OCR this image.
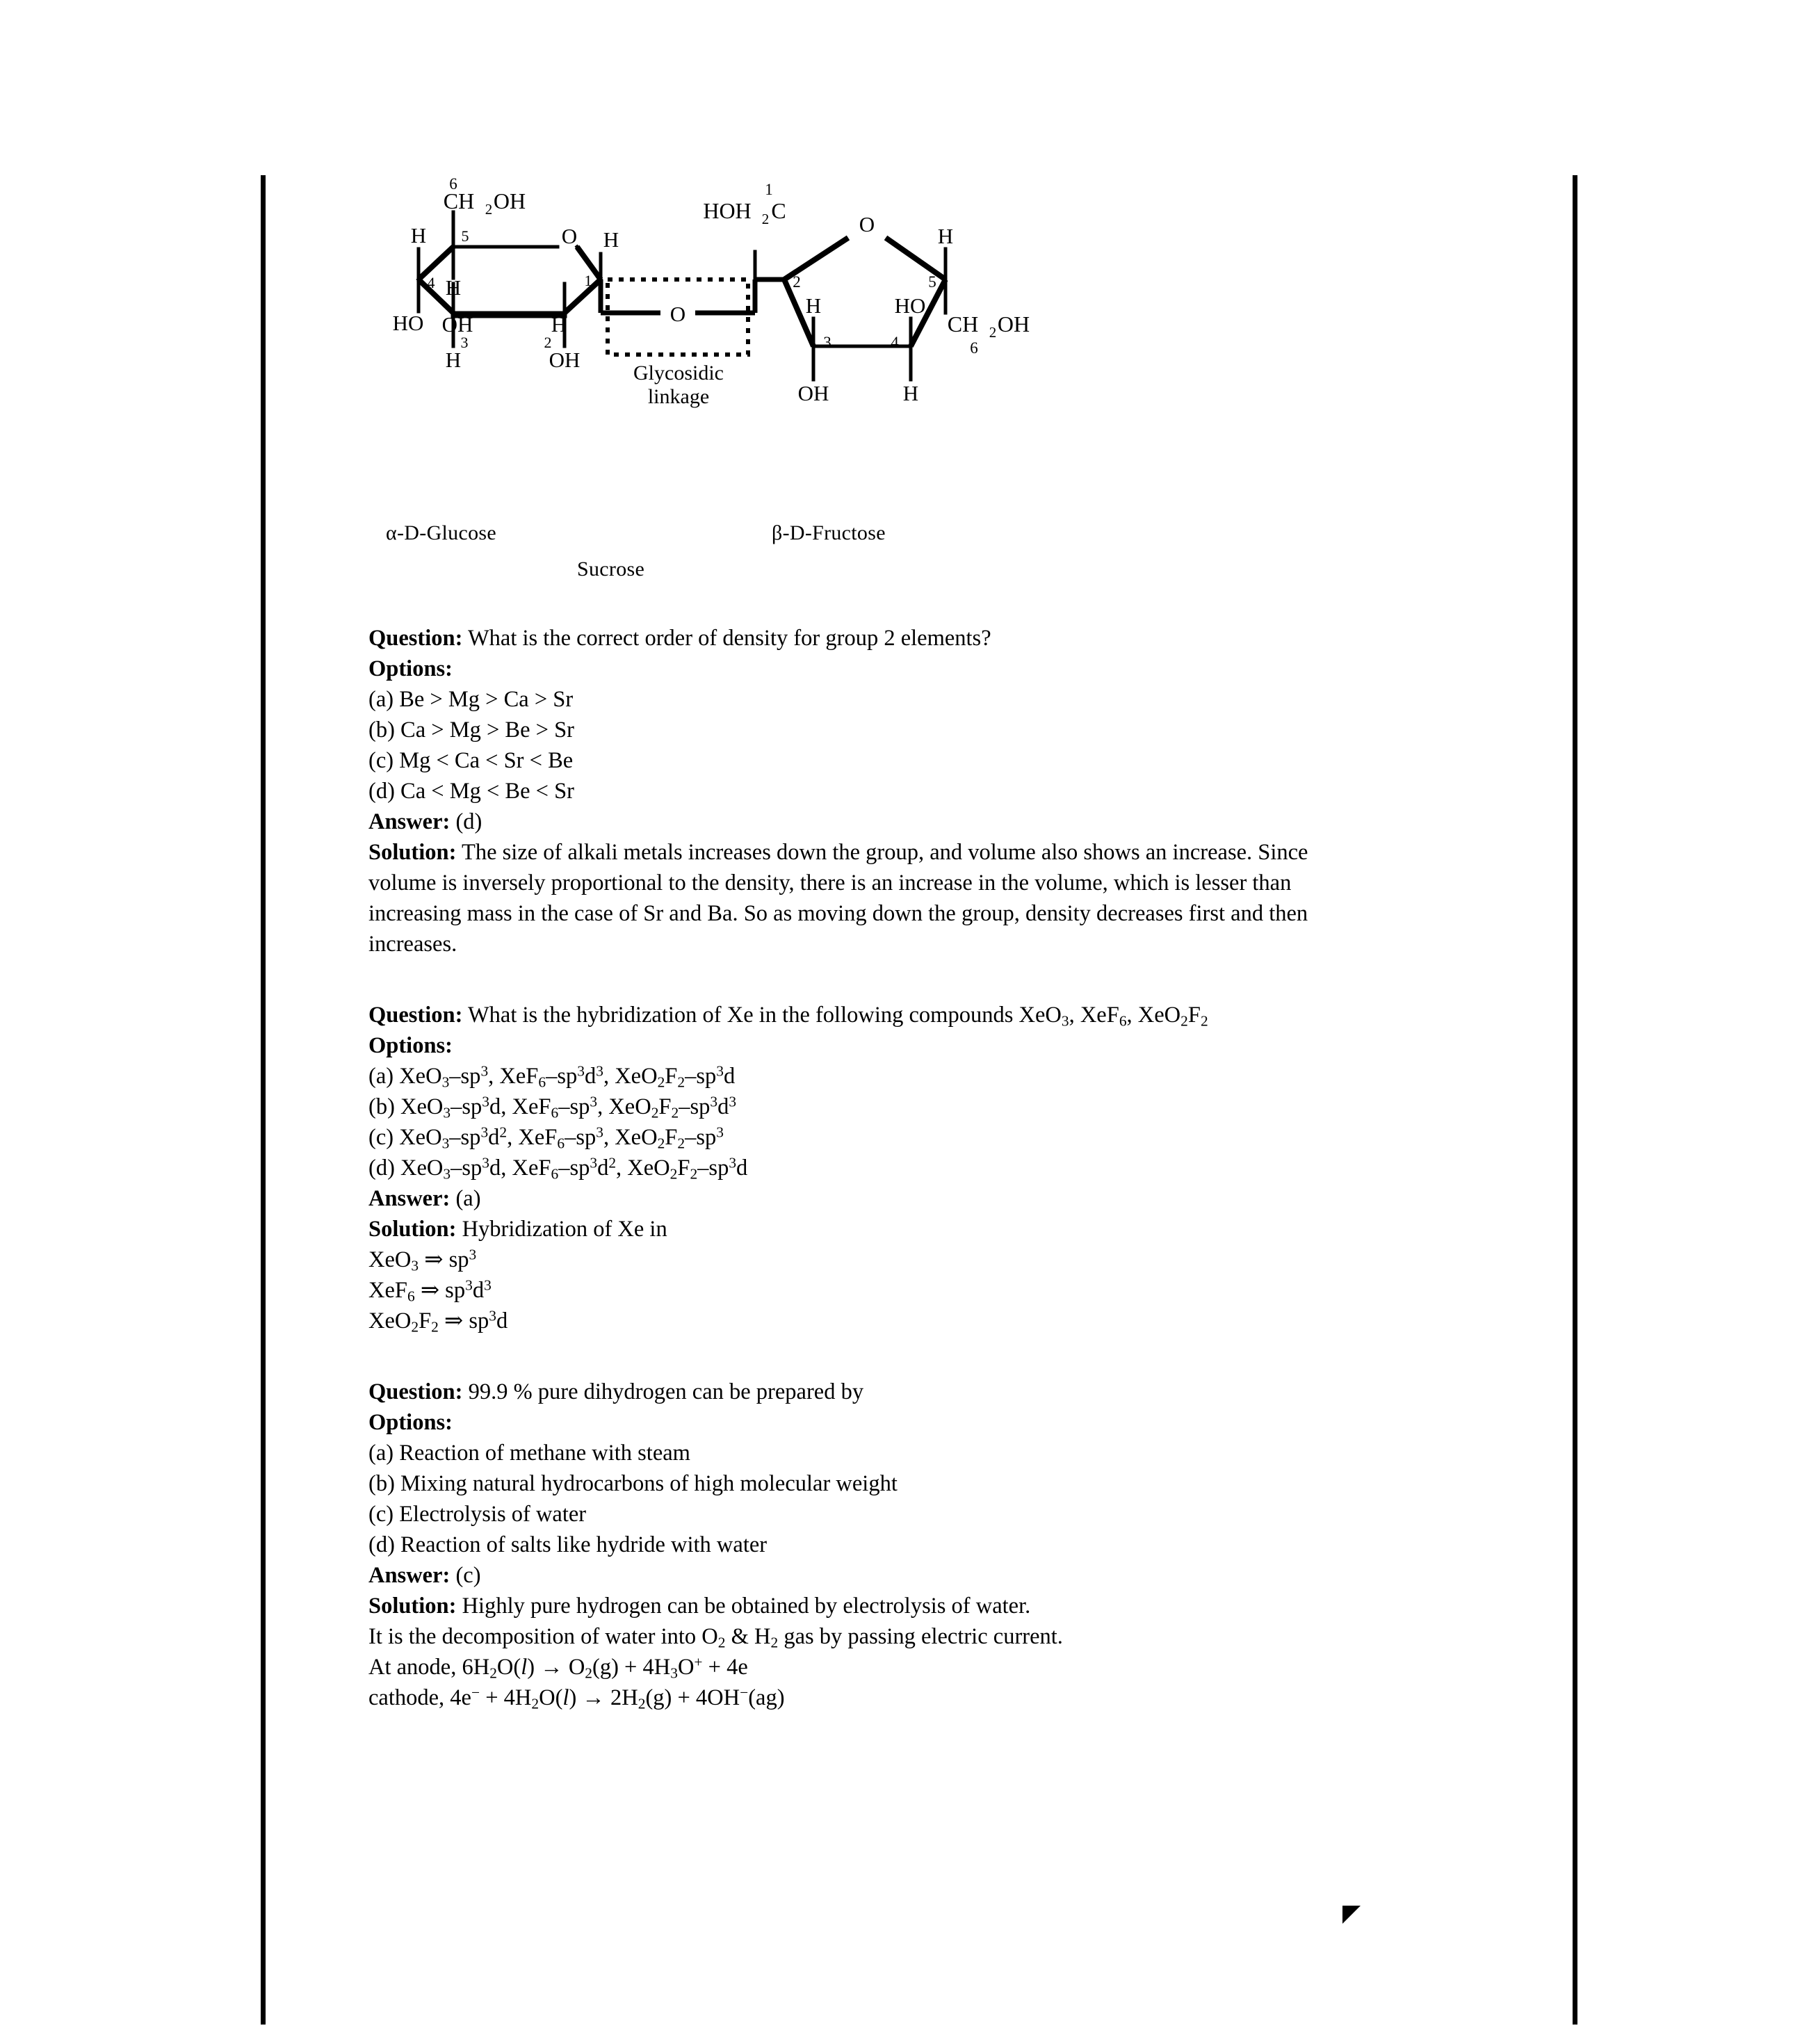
6
CH 2 OH
5
H
O
H
4
HO OH
3
H
H
2
OH
1
H
O
Glycosidic
linkage
1
HOH 2 C
2
O
H
3
OH
HO
4
H
5
H
CH 2 OH
6
α-D-Glucose	β-D-Fructose
Sucrose
Question: What is the correct order of density for group 2 elements?
Options:
(a) Be > Mg > Ca > Sr
(b) Ca > Mg > Be > Sr
(c) Mg < Ca < Sr < Be
(d) Ca < Mg < Be < Sr
Answer: (d)
Solution: The size of alkali metals increases down the group, and volume also shows an increase. Since volume is inversely proportional to the density, there is an increase in the volume, which is lesser than increasing mass in the case of Sr and Ba. So as moving down the group, density decreases first and then increases.
Question: What is the hybridization of Xe in the following compounds XeO$_3$, XeF$_6$, $XeO_2F_2$
Options:
(a) $XeO_3-sp^3$, $XeF_6-sp^3d^3$, $XeO_2F_2-sp^3d$
(b) $XeO_3-sp^3d$, $XeF_6-sp^3$, $XeO_2F_2-sp^3d^3$
(c) $XeO_3-sp^3d^2$, $XeF_6-sp^3$, $XeO_2F_2-sp^3$
(d) $XeO_3-sp^3d$, $XeF_6-sp^3d^2$, $XeO_2F_2-sp^3d$
Answer: (a)
Solution: Hybridization of Xe in
XeO$_3$ ⇒ $sp^3$
XeF$_6$ ⇒ $sp^3d^3$
$XeO_2F_2$ ⇒ $sp^3d$
Question: 99.9 % pure dihydrogen can be prepared by
Options:
(a) Reaction of methane with steam
(b) Mixing natural hydrocarbons of high molecular weight
(c) Electrolysis of water
(d) Reaction of salts like hydride with water
Answer: (c)
Solution: Highly pure hydrogen can be obtained by electrolysis of water.
It is the decomposition of water into $O_2$ & $H_2$ gas by passing electric current.
At anode, $6H_2O(l) \to O_2(g) + 4H_3O^+ + 4e$
cathode, $4e^- + 4H_2O(l) \to 2H_2(g) + 4OH^-(ag)$
